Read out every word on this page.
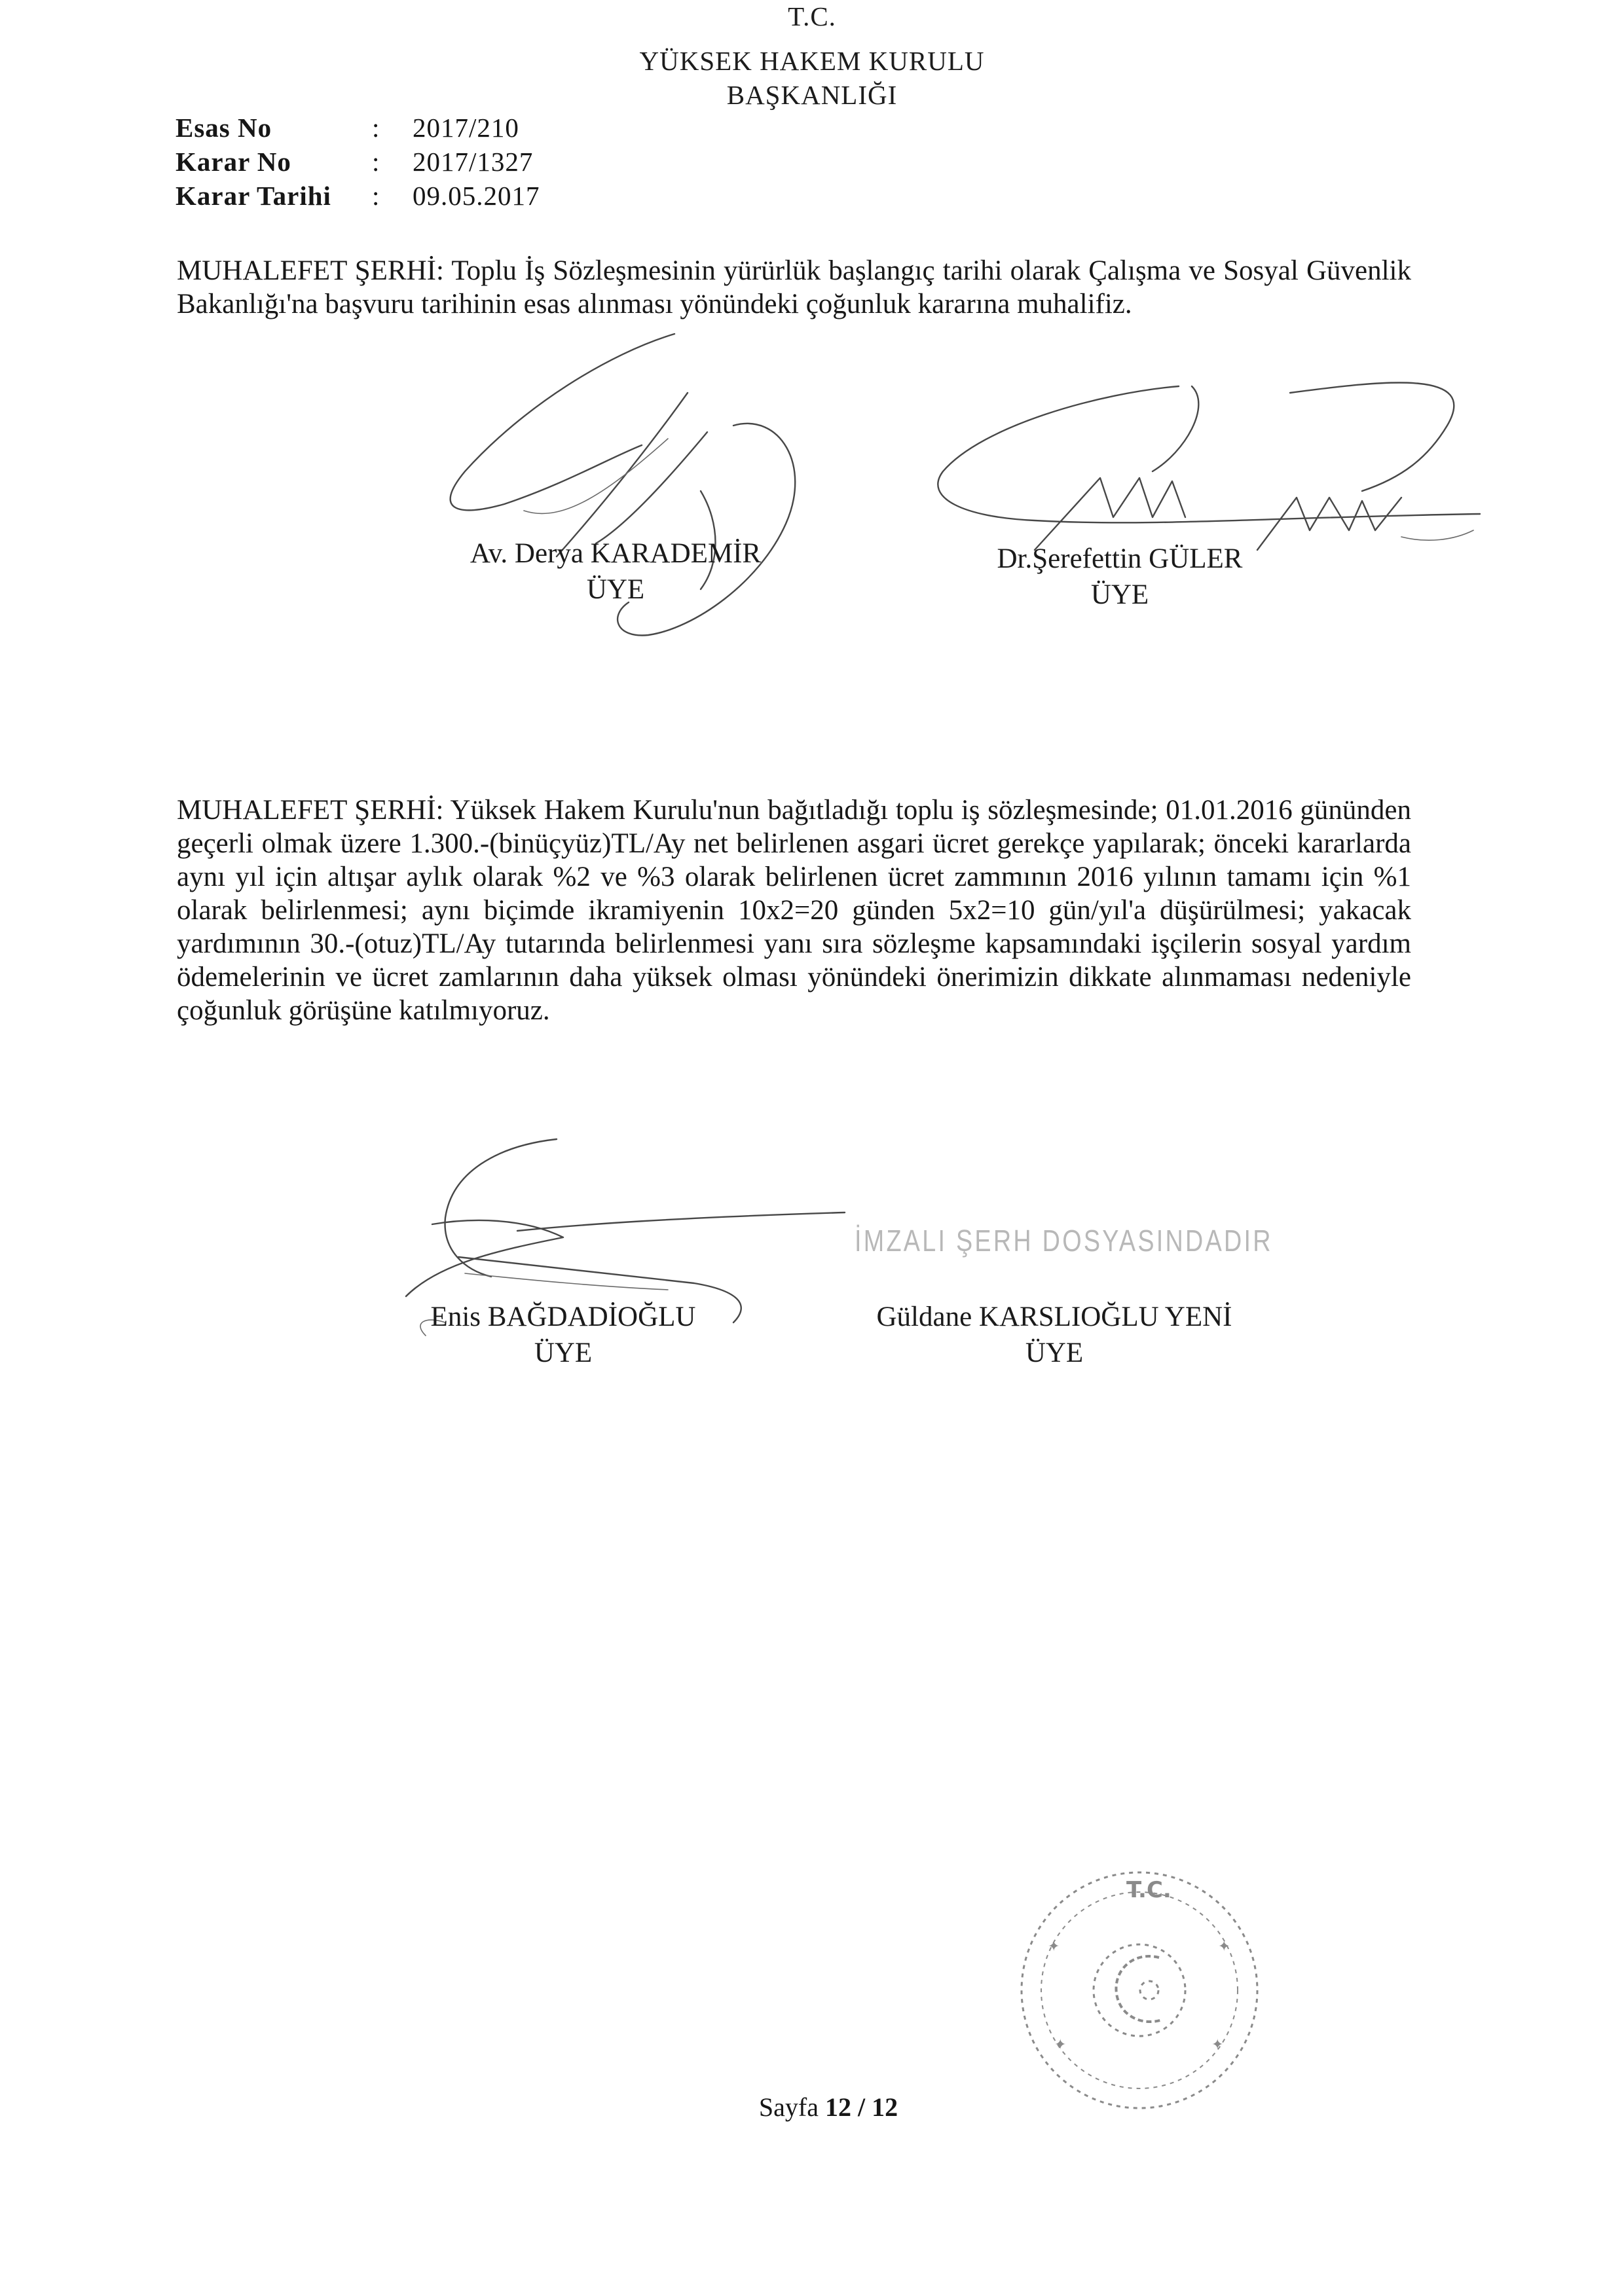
T.C.
YÜKSEK HAKEM KURULU
BAŞKANLIĞI
Esas No	: 2017/210
Karar No	: 2017/1327
Karar Tarihi : 09.05.2017
MUHALEFET ŞERHİ: Toplu İş Sözleşmesinin yürürlük başlangıç tarihi olarak Çalışma ve Sosyal Güvenlik Bakanlığı'na başvuru tarihinin esas alınması yönündeki çoğunluk kararına muhalifiz.
Av. Derya KARADEMİR
ÜYE
Dr.Şerefettin GÜLER
ÜYE
MUHALEFET ŞERHİ: Yüksek Hakem Kurulu'nun bağıtladığı toplu iş sözleşmesinde; 01.01.2016 gününden geçerli olmak üzere 1.300.-(binüçyüz)TL/Ay net belirlenen asgari ücret gerekçe yapılarak; önceki kararlarda aynı yıl için altışar aylık olarak %2 ve %3 olarak belirlenen ücret zammının 2016 yılının tamamı için %1 olarak belirlenmesi; aynı biçimde ikramiyenin 10x2=20 günden 5x2=10 gün/yıl'a düşürülmesi; yakacak yardımının 30.-(otuz)TL/Ay tutarında belirlenmesi yanı sıra sözleşme kapsamındaki işçilerin sosyal yardım ödemelerinin ve ücret zamlarının daha yüksek olması yönündeki önerimizin dikkate alınmaması nedeniyle çoğunluk görüşüne katılmıyoruz.
Enis BAĞDADİOĞLU
ÜYE
İMZALI ŞERH DOSYASINDADIR
Güldane KARSLIOĞLU YENİ
ÜYE
T.C.
✦	✦
✦	✦
Sayfa 12 / 12
